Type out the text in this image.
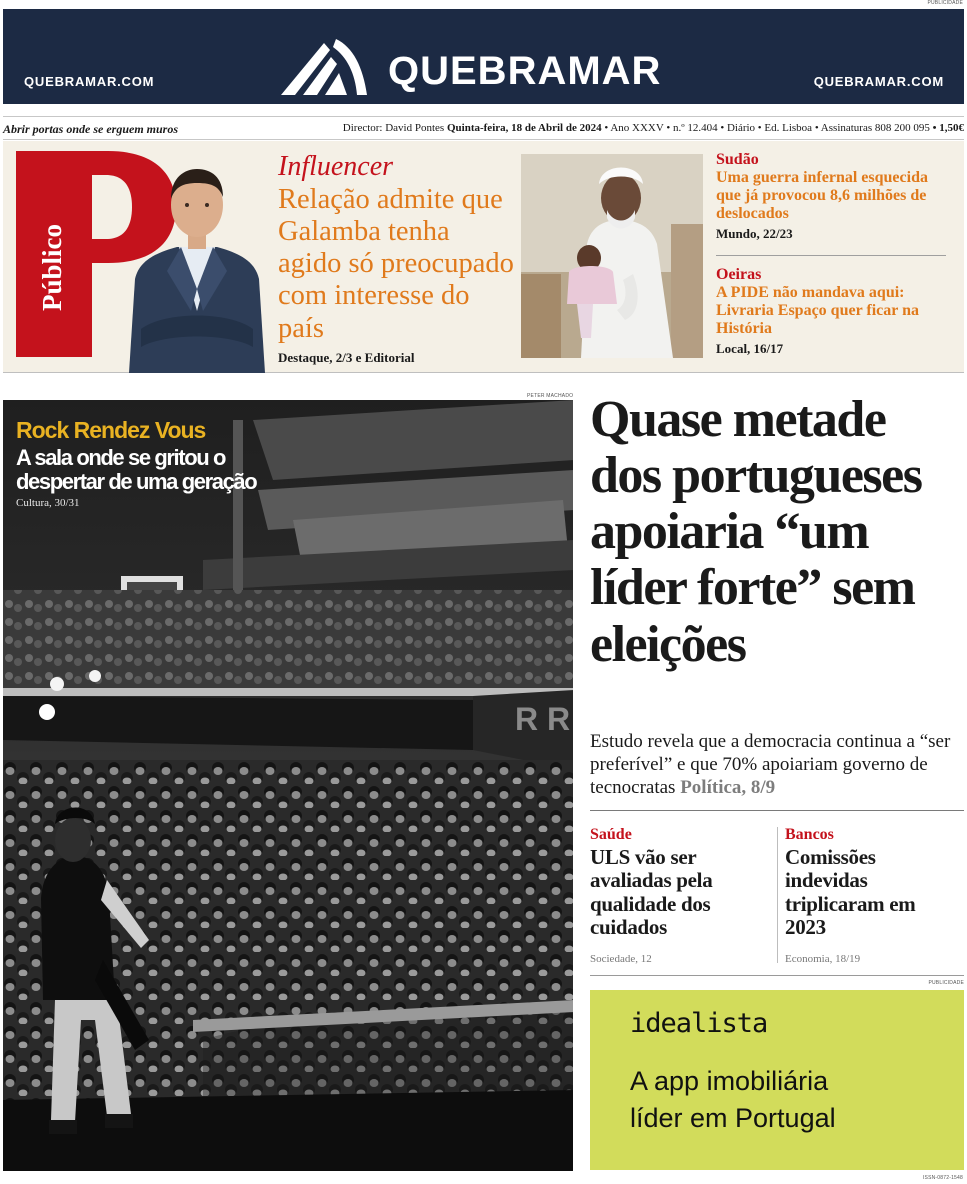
PUBLICIDADE
QUEBRAMAR.COM	QUEBRAMAR	QUEBRAMAR.COM
Abrir portas onde se erguem muros	Director: David Pontes Quinta-feira, 18 de Abril de 2024 • Ano XXXV • n.º 12.404 • Diário • Ed. Lisboa • Assinaturas 808 200 095 • 1,50€
Público
Influencer
Relação admite que Galamba tenha agido só preocupado com interesse do país
Destaque, 2/3 e Editorial
Sudão
Uma guerra infernal esquecida que já provocou 8,6 milhões de deslocados
Mundo, 22/23
Oeiras
A PIDE não mandava aqui: Livraria Espaço quer ficar na História
Local, 16/17
PETER MACHADO
R R
Rock Rendez Vous
A sala onde se gritou o despertar de uma geração
Cultura, 30/31
Quase metade dos portugueses apoiaria “um líder forte” sem eleições

Estudo revela que a democracia continua a “ser preferível” e que 70% apoiariam governo de tecnocratas Política, 8/9

Saúde
ULS vão ser avaliadas pela qualidade dos cuidados
Sociedade, 12
Bancos
Comissões indevidas triplicaram em 2023
Economia, 18/19
PUBLICIDADE
idealista
A app imobiliária
líder em Portugal
ISSN-0872-1548
